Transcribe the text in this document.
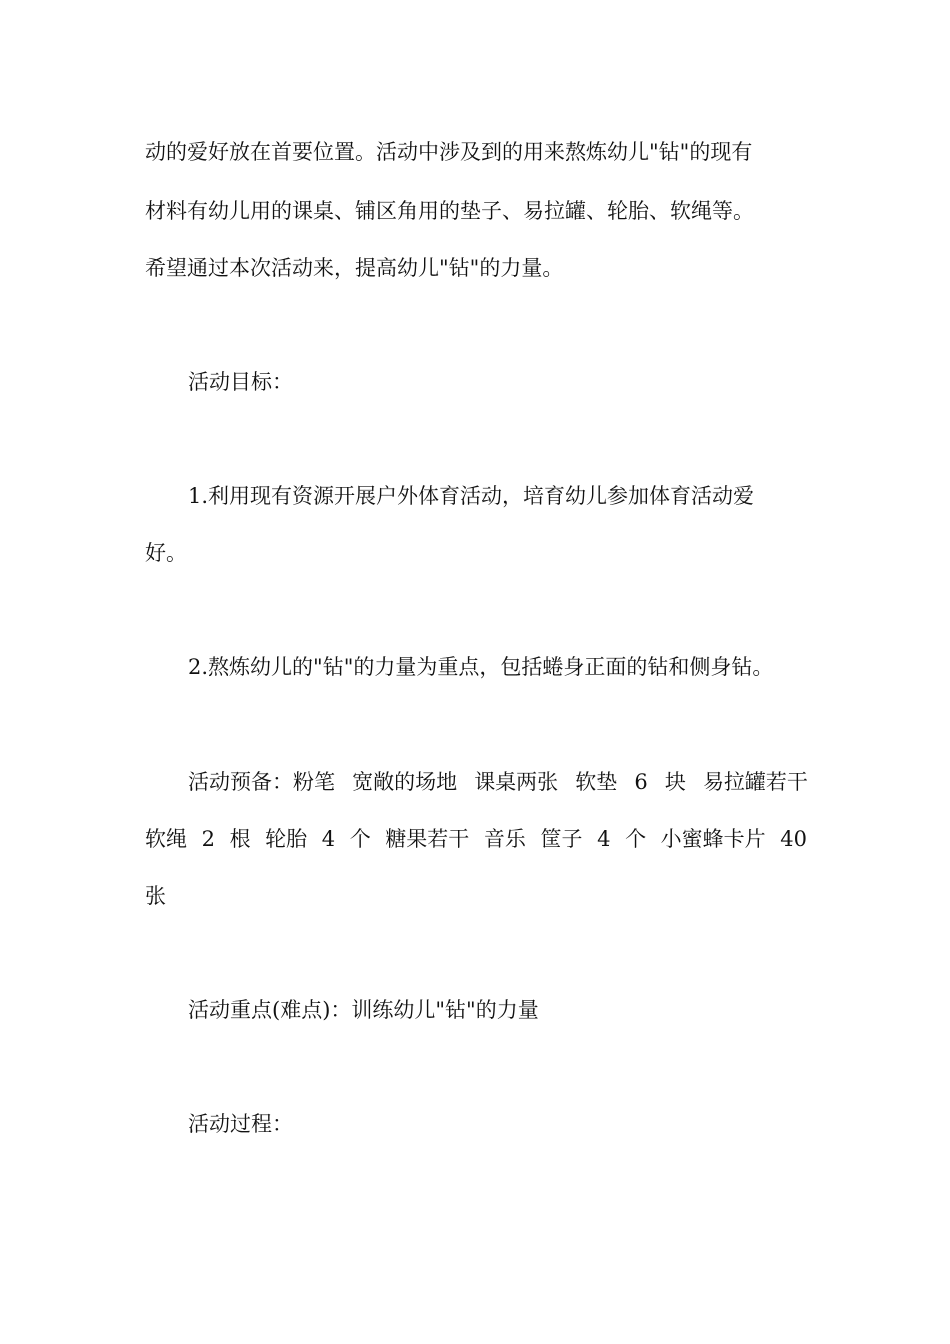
动的爱好放在首要位置。活动中涉及到的用来熬炼幼儿"钻"的现有
材料有幼儿用的课桌、铺区角用的垫子、易拉罐、轮胎、软绳等。
希望通过本次活动来，提高幼儿"钻"的力量。
活动目标：
1.利用现有资源开展户外体育活动，培育幼儿参加体育活动爱
好。
2.熬炼幼儿的"钻"的力量为重点，包括蜷身正面的钻和侧身钻。
活动预备：粉笔 宽敞的场地 课桌两张 软垫 6 块 易拉罐若干
软绳 2 根 轮胎 4 个 糖果若干 音乐 筐子 4 个 小蜜蜂卡片 40
张
活动重点(难点)：训练幼儿"钻"的力量
活动过程：
